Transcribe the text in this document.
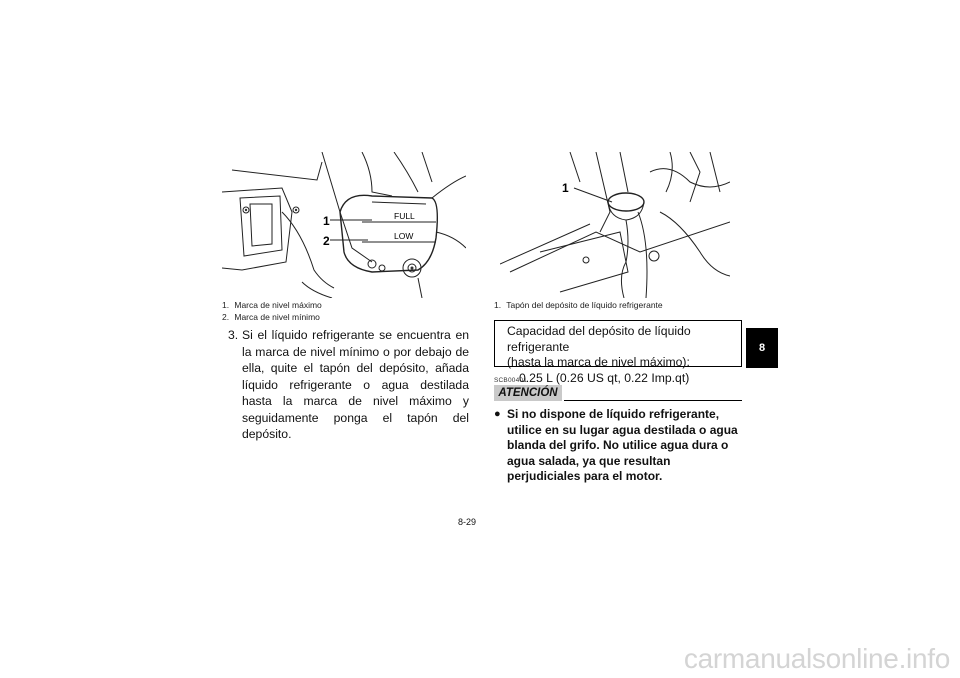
1
2
FULL
LOW
1. Marca de nivel máximo
2. Marca de nivel mínimo
1
1. Tapón del depósito de líquido refrigerante
3. Si el líquido refrigerante se encuentra en la marca de nivel mínimo o por debajo de ella, quite el tapón del depósito, añada líquido refrigerante o agua destilada hasta la marca de nivel máximo y seguidamente ponga el tapón del depósito.
Capacidad del depósito de líquido refrigerante
(hasta la marca de nivel máximo):
0.25 L (0.26 US qt, 0.22 Imp.qt)
SCB00401
ATENCIÓN
● Si no dispone de líquido refrigerante, utilice en su lugar agua destilada o agua blanda del grifo. No utilice agua dura o agua salada, ya que resultan perjudiciales para el motor.
8-29
8
carmanualsonline.info
